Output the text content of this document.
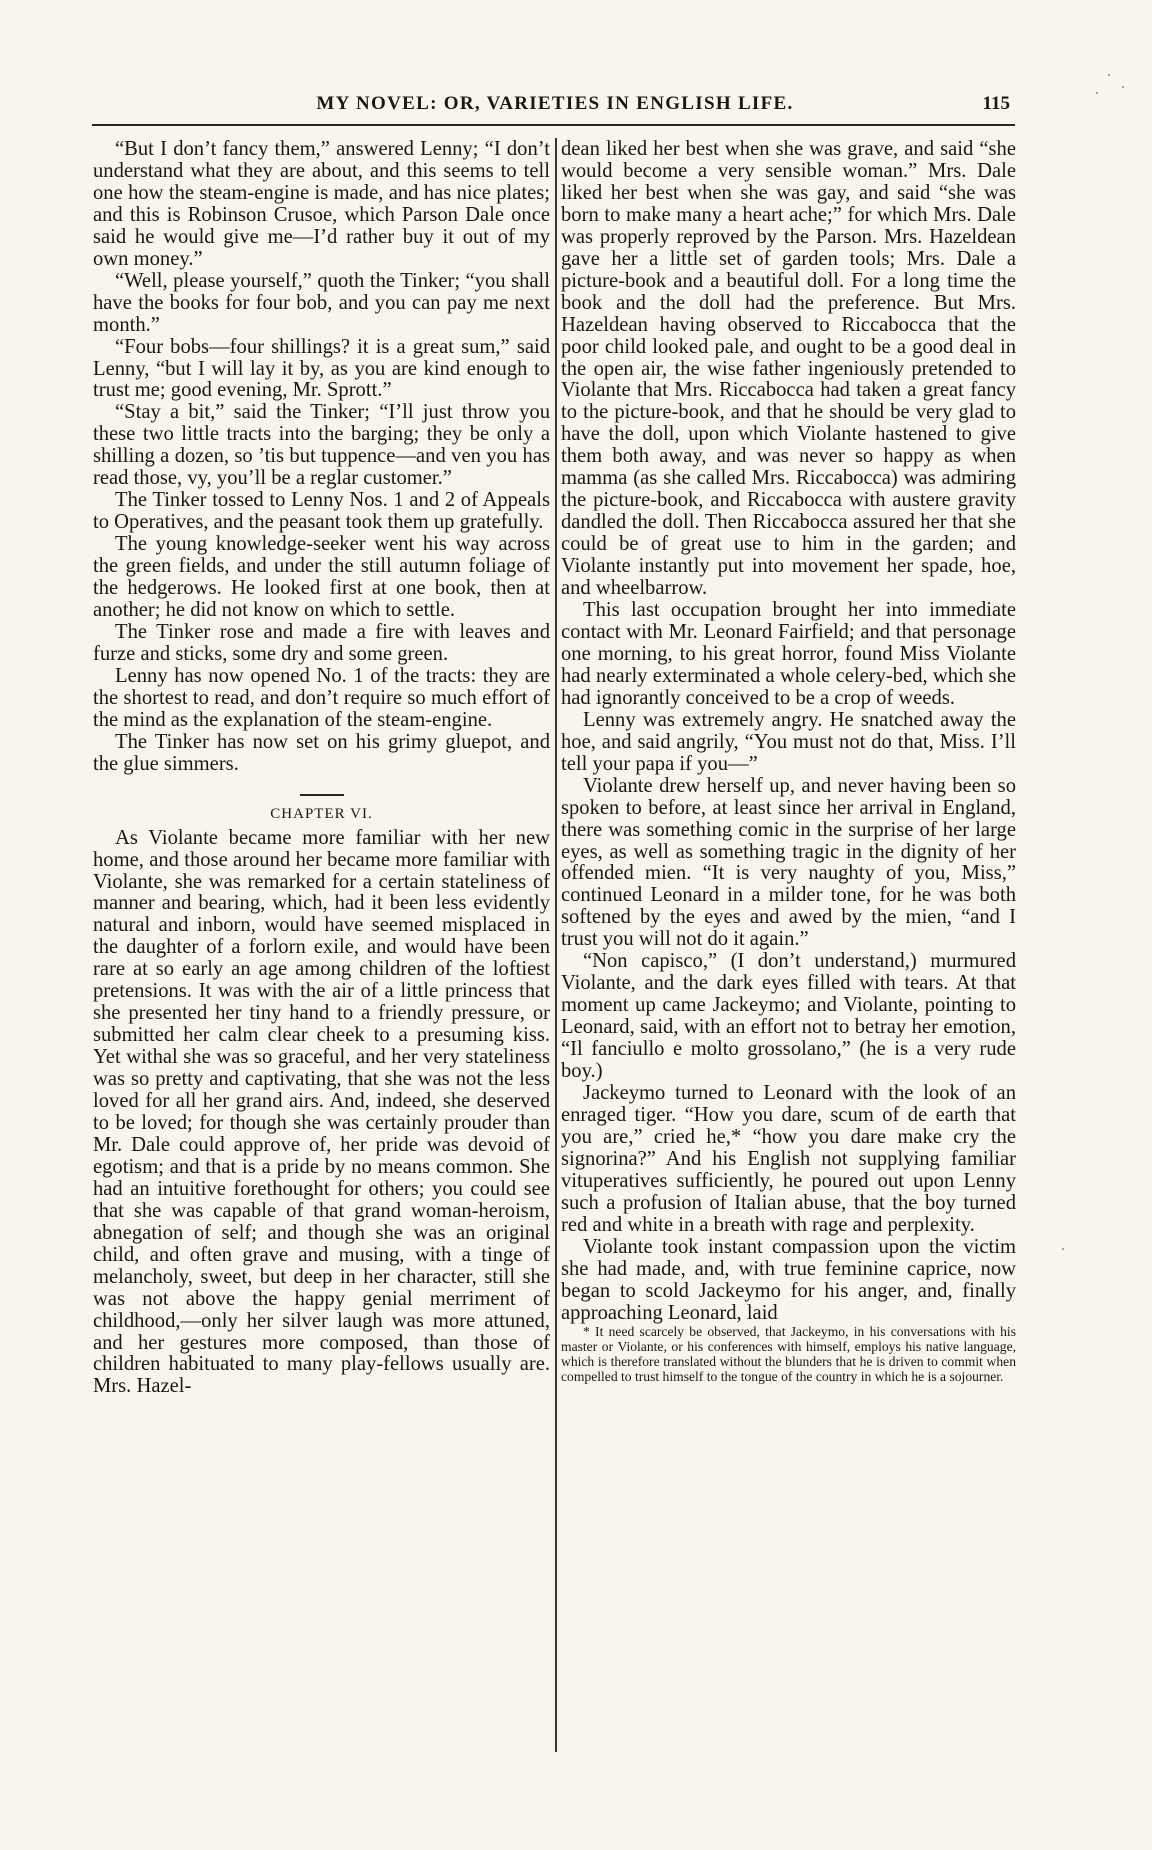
MY NOVEL: OR, VARIETIES IN ENGLISH LIFE.	115

“But I don’t fancy them,” answered Lenny; “I don’t understand what they are about, and this seems to tell one how the steam-engine is made, and has nice plates; and this is Robinson Crusoe, which Parson Dale once said he would give me—I’d rather buy it out of my own money.”

“Well, please yourself,” quoth the Tinker; “you shall have the books for four bob, and you can pay me next month.”

“Four bobs—four shillings? it is a great sum,” said Lenny, “but I will lay it by, as you are kind enough to trust me; good evening, Mr. Sprott.”

“Stay a bit,” said the Tinker; “I’ll just throw you these two little tracts into the barging; they be only a shilling a dozen, so ’tis but tuppence—and ven you has read those, vy, you’ll be a reglar customer.”

The Tinker tossed to Lenny Nos. 1 and 2 of Appeals to Operatives, and the peasant took them up gratefully.

The young knowledge-seeker went his way across the green fields, and under the still autumn foliage of the hedgerows. He looked first at one book, then at another; he did not know on which to settle.

The Tinker rose and made a fire with leaves and furze and sticks, some dry and some green.

Lenny has now opened No. 1 of the tracts: they are the shortest to read, and don’t require so much effort of the mind as the explanation of the steam-engine.

The Tinker has now set on his grimy gluepot, and the glue simmers.

CHAPTER VI.

As Violante became more familiar with her new home, and those around her became more familiar with Violante, she was remarked for a certain stateliness of manner and bearing, which, had it been less evidently natural and inborn, would have seemed misplaced in the daughter of a forlorn exile, and would have been rare at so early an age among children of the loftiest pretensions. It was with the air of a little princess that she presented her tiny hand to a friendly pressure, or submitted her calm clear cheek to a presuming kiss. Yet withal she was so graceful, and her very stateliness was so pretty and captivating, that she was not the less loved for all her grand airs. And, indeed, she deserved to be loved; for though she was certainly prouder than Mr. Dale could approve of, her pride was devoid of egotism; and that is a pride by no means common. She had an intuitive forethought for others; you could see that she was capable of that grand woman-heroism, abnegation of self; and though she was an original child, and often grave and musing, with a tinge of melancholy, sweet, but deep in her character, still she was not above the happy genial merriment of childhood,—only her silver laugh was more attuned, and her gestures more composed, than those of children habituated to many play-fellows usually are. Mrs. Hazel-

dean liked her best when she was grave, and said “she would become a very sensible woman.” Mrs. Dale liked her best when she was gay, and said “she was born to make many a heart ache;” for which Mrs. Dale was properly reproved by the Parson. Mrs. Hazeldean gave her a little set of garden tools; Mrs. Dale a picture-book and a beautiful doll. For a long time the book and the doll had the preference. But Mrs. Hazeldean having observed to Riccabocca that the poor child looked pale, and ought to be a good deal in the open air, the wise father ingeniously pretended to Violante that Mrs. Riccabocca had taken a great fancy to the picture-book, and that he should be very glad to have the doll, upon which Violante hastened to give them both away, and was never so happy as when mamma (as she called Mrs. Riccabocca) was admiring the picture-book, and Riccabocca with austere gravity dandled the doll. Then Riccabocca assured her that she could be of great use to him in the garden; and Violante instantly put into movement her spade, hoe, and wheelbarrow.

This last occupation brought her into immediate contact with Mr. Leonard Fairfield; and that personage one morning, to his great horror, found Miss Violante had nearly exterminated a whole celery-bed, which she had ignorantly conceived to be a crop of weeds.

Lenny was extremely angry. He snatched away the hoe, and said angrily, “You must not do that, Miss. I’ll tell your papa if you—”

Violante drew herself up, and never having been so spoken to before, at least since her arrival in England, there was something comic in the surprise of her large eyes, as well as something tragic in the dignity of her offended mien. “It is very naughty of you, Miss,” continued Leonard in a milder tone, for he was both softened by the eyes and awed by the mien, “and I trust you will not do it again.”

“Non capisco,” (I don’t understand,) murmured Violante, and the dark eyes filled with tears. At that moment up came Jackeymo; and Violante, pointing to Leonard, said, with an effort not to betray her emotion, “Il fanciullo e molto grossolano,” (he is a very rude boy.)

Jackeymo turned to Leonard with the look of an enraged tiger. “How you dare, scum of de earth that you are,” cried he,* “how you dare make cry the signorina?” And his English not supplying familiar vituperatives sufficiently, he poured out upon Lenny such a profusion of Italian abuse, that the boy turned red and white in a breath with rage and perplexity.

Violante took instant compassion upon the victim she had made, and, with true feminine caprice, now began to scold Jackeymo for his anger, and, finally approaching Leonard, laid

* It need scarcely be observed, that Jackeymo, in his conversations with his master or Violante, or his conferences with himself, employs his native language, which is therefore translated without the blunders that he is driven to commit when compelled to trust himself to the tongue of the country in which he is a sojourner.
